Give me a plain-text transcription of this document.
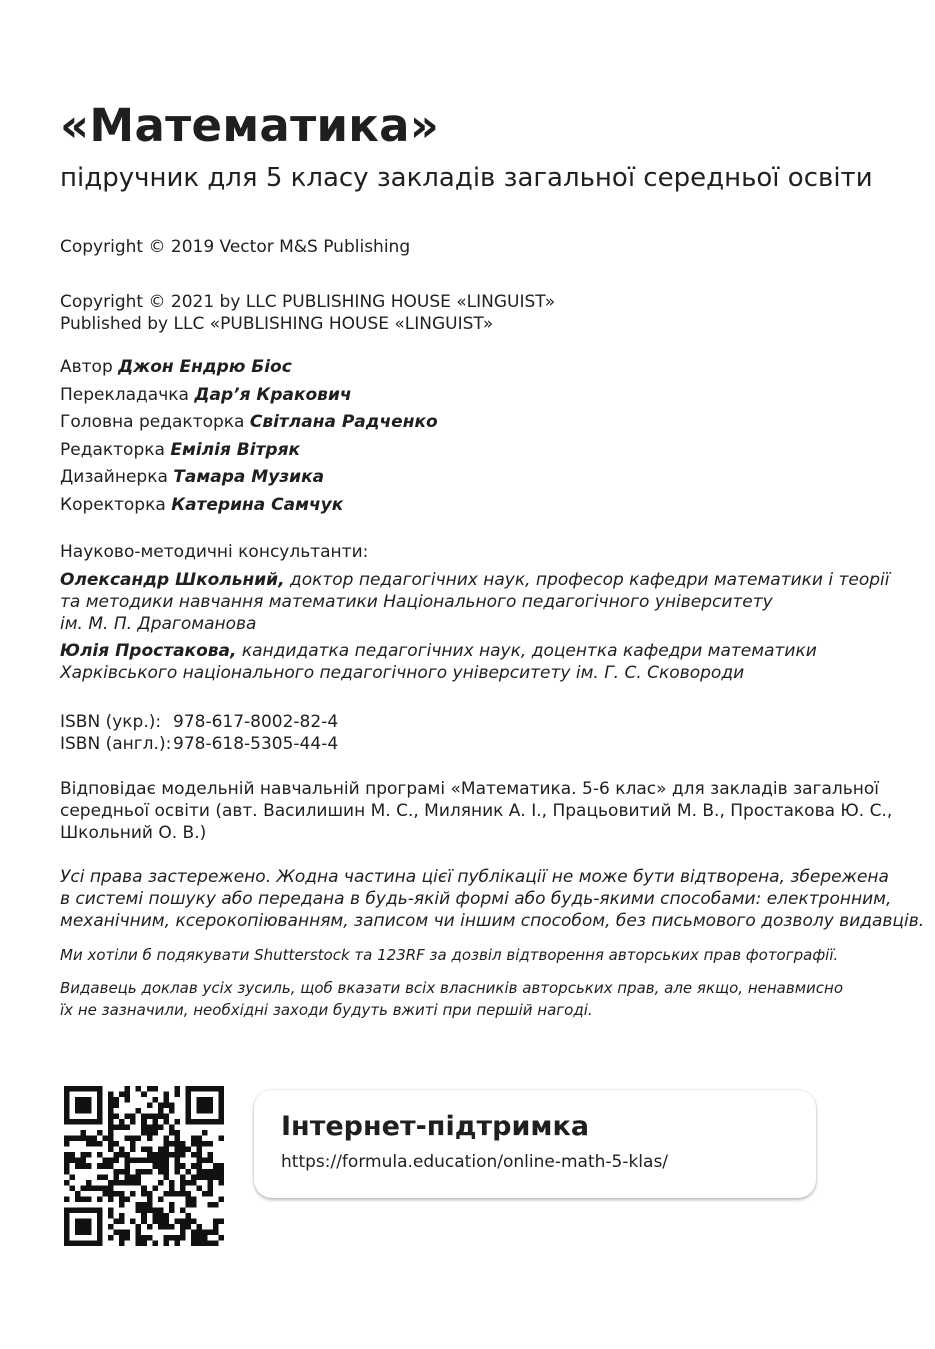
«Математика»
підручник для 5 класу закладів загальної середньої освіти
Copyright © 2019 Vector M&S Publishing
Copyright © 2021 by LLC PUBLISHING HOUSE «LINGUIST»
Published by LLC «PUBLISHING HOUSE «LINGUIST»
Автор Джон Ендрю Біос
Перекладачка Дар’я Кракович
Головна редакторка Світлана Радченко
Редакторка Емілія Вітряк
Дизайнерка Тамара Музика
Коректорка Катерина Самчук
Науково-методичні консультанти:
Олександр Школьний, доктор педагогічних наук, професор кафедри математики і теорії
та методики навчання математики Національного педагогічного університету
ім. М. П. Драгоманова
Юлія Простакова, кандидатка педагогічних наук, доцентка кафедри математики
Харківського національного педагогічного університету ім. Г. С. Сковороди
ISBN (укр.): 978-617-8002-82-4
ISBN (англ.):978-618-5305-44-4
Відповідає модельній навчальній програмі «Математика. 5-6 клас» для закладів загальної
середньої освіти (авт. Василишин М. С., Миляник А. І., Працьовитий М. В., Простакова Ю. С.,
Школьний О. В.)
Усі права застережено. Жодна частина цієї публікації не може бути відтворена, збережена
в системі пошуку або передана в будь-якій формі або будь-якими способами: електронним,
механічним, ксерокопіюванням, записом чи іншим способом, без письмового дозволу видавців.
Ми хотіли б подякувати Shutterstock та 123RF за дозвіл відтворення авторських прав фотографії.
Видавець доклав усіх зусиль, щоб вказати всіх власників авторських прав, але якщо, ненавмисно
їх не зазначили, необхідні заходи будуть вжиті при першій нагоді.
Інтернет-підтримка
https://formula.education/online-math-5-klas/
